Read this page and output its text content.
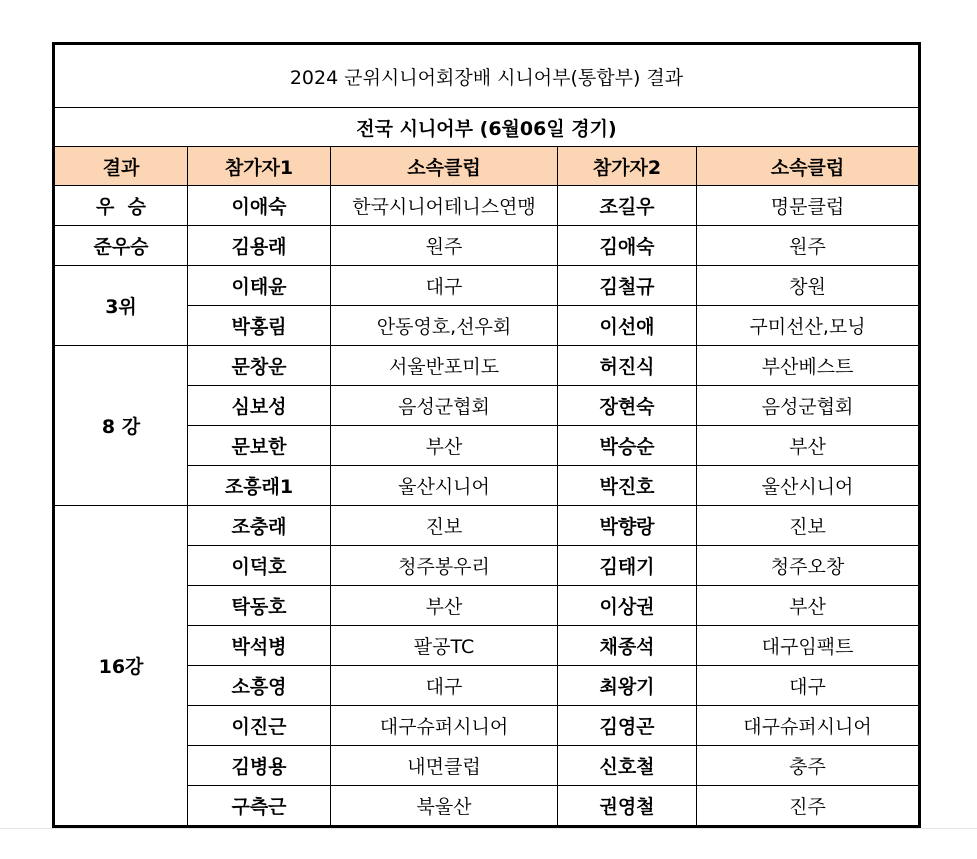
2024 군위시니어회장배 시니어부(통합부) 결과				
전국 시니어부 (6월06일 경기)				
결과	참가자1	소속클럽	참가자2	소속클럽
우  승	이애숙	한국시니어테니스연맹	조길우	명문클럽
준우승	김용래	원주	김애숙	원주
3위	이태윤	대구	김철규	창원
	박홍림	안동영호,선우회	이선애	구미선산,모닝
8 강	문창운	서울반포미도	허진식	부산베스트
	심보성	음성군협회	장현숙	음성군협회
	문보한	부산	박승순	부산
	조흥래1	울산시니어	박진호	울산시니어
16강	조충래	진보	박향랑	진보
	이덕호	청주봉우리	김태기	청주오창
	탁동호	부산	이상권	부산
	박석병	팔공TC	채종석	대구임팩트
	소흥영	대구	최왕기	대구
	이진근	대구슈퍼시니어	김영곤	대구슈퍼시니어
	김병용	내면클럽	신호철	충주
	구측근	북울산	권영철	진주
